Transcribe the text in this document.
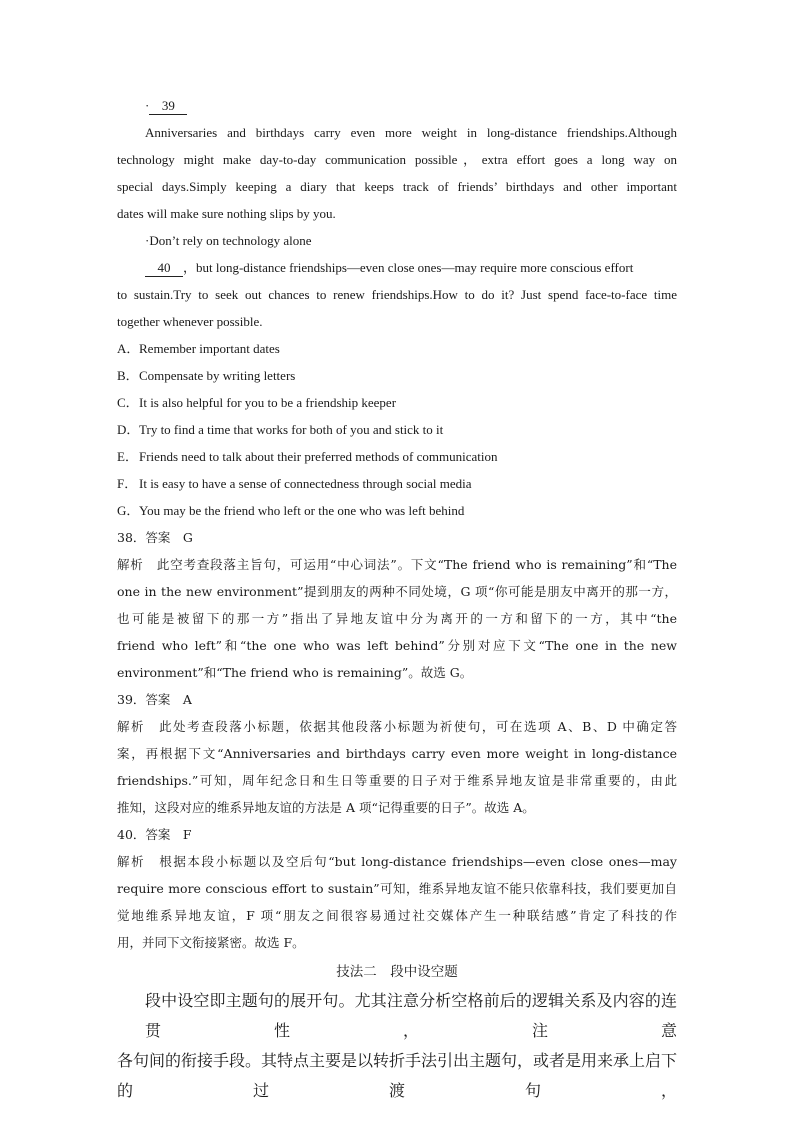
· 39
Anniversaries and birthdays carry even more weight in long-distance friendships.Although
technology might make day-to-day communication possible，extra effort goes a long way on
special days.Simply keeping a diary that keeps track of friends’ birthdays and other important
dates will make sure nothing slips by you.
·Don’t rely on technology alone
40 ，but long-distance friendships—even close ones—may require more conscious effort
to sustain.Try to seek out chances to renew friendships.How to do it? Just spend face-to-face time
together whenever possible.
A．Remember important dates
B．Compensate by writing letters
C．It is also helpful for you to be a friendship keeper
D．Try to find a time that works for both of you and stick to it
E．Friends need to talk about their preferred methods of communication
F． It is easy to have a sense of connectedness through social media
G．You may be the friend who left or the one who was left behind
38．答案　G
解析　此空考查段落主旨句，可运用“中心词法”。下文“The friend who is remaining”和“The
one in the new environment”提到朋友的两种不同处境，G 项“你可能是朋友中离开的那一方，
也可能是被留下的那一方”指出了异地友谊中分为离开的一方和留下的一方，其中“the
friend who left”和“the one who was left behind”分别对应下文“The one in the new
environment”和“The friend who is remaining”。故选 G。
39．答案　A
解析　此处考查段落小标题，依据其他段落小标题为祈使句，可在选项 A、B、D 中确定答
案，再根据下文“Anniversaries and birthdays carry even more weight in long-distance
friendships.”可知，周年纪念日和生日等重要的日子对于维系异地友谊是非常重要的，由此
推知，这段对应的维系异地友谊的方法是 A 项“记得重要的日子”。故选 A。
40．答案　F
解析　根据本段小标题以及空后句“but long-distance friendships—even close ones—may
require more conscious effort to sustain”可知，维系异地友谊不能只依靠科技，我们要更加自
觉地维系异地友谊，F 项“朋友之间很容易通过社交媒体产生一种联结感”肯定了科技的作
用，并同下文衔接紧密。故选 F。
技法二　段中设空题
段中设空即主题句的展开句。尤其注意分析空格前后的逻辑关系及内容的连贯性，注意
各句间的衔接手段。其特点主要是以转折手法引出主题句，或者是用来承上启下的过渡句，
